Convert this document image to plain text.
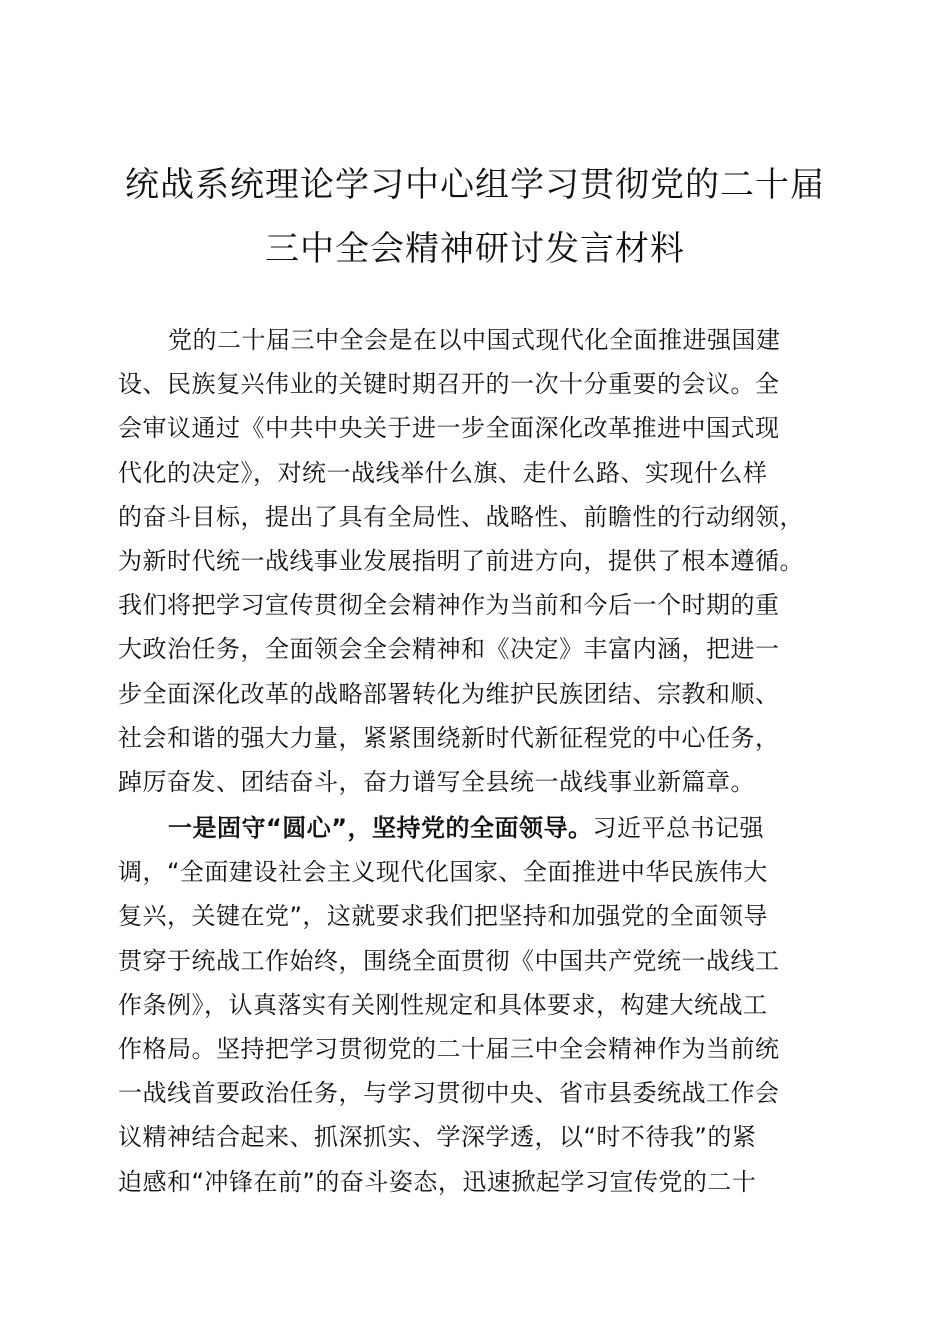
统战系统理论学习中心组学习贯彻党的二十届
三中全会精神研讨发言材料
党的二十届三中全会是在以中国式现代化全面推进强国建
设、民族复兴伟业的关键时期召开的一次十分重要的会议。全
会审议通过《中共中央关于进一步全面深化改革推进中国式现
代化的决定》，对统一战线举什么旗、走什么路、实现什么样
的奋斗目标，提出了具有全局性、战略性、前瞻性的行动纲领，
为新时代统一战线事业发展指明了前进方向，提供了根本遵循。
我们将把学习宣传贯彻全会精神作为当前和今后一个时期的重
大政治任务，全面领会全会精神和《决定》丰富内涵，把进一
步全面深化改革的战略部署转化为维护民族团结、宗教和顺、
社会和谐的强大力量，紧紧围绕新时代新征程党的中心任务，
踔厉奋发、团结奋斗，奋力谱写全县统一战线事业新篇章。
一是固守“圆心”，坚持党的全面领导。习近平总书记强
调，“全面建设社会主义现代化国家、全面推进中华民族伟大
复兴，关键在党”，这就要求我们把坚持和加强党的全面领导
贯穿于统战工作始终，围绕全面贯彻《中国共产党统一战线工
作条例》，认真落实有关刚性规定和具体要求，构建大统战工
作格局。坚持把学习贯彻党的二十届三中全会精神作为当前统
一战线首要政治任务，与学习贯彻中央、省市县委统战工作会
议精神结合起来、抓深抓实、学深学透，以“时不待我”的紧
迫感和“冲锋在前”的奋斗姿态，迅速掀起学习宣传党的二十
